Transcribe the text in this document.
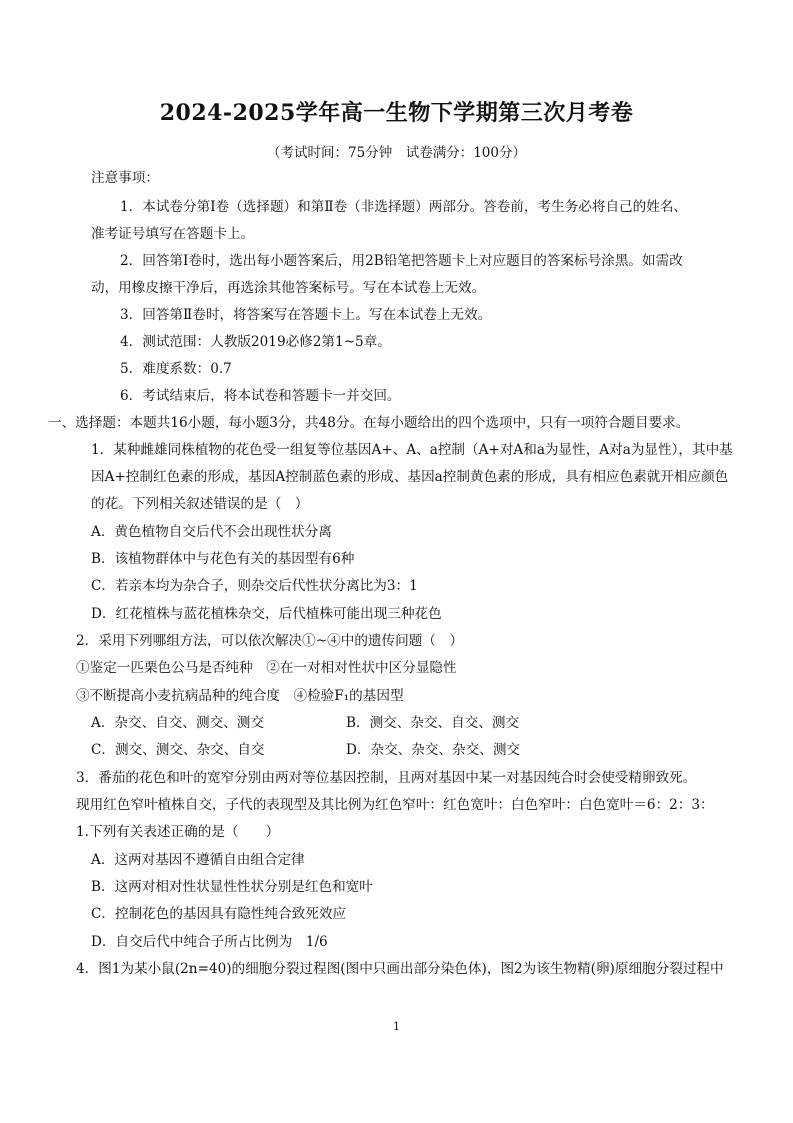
2024-2025学年高一生物下学期第三次月考卷
（考试时间：75分钟　试卷满分：100分）
注意事项：
1．本试卷分第Ⅰ卷（选择题）和第Ⅱ卷（非选择题）两部分。答卷前，考生务必将自己的姓名、
准考证号填写在答题卡上。
2．回答第Ⅰ卷时，选出每小题答案后，用2B铅笔把答题卡上对应题目的答案标号涂黑。如需改
动，用橡皮擦干净后，再选涂其他答案标号。写在本试卷上无效。
3．回答第Ⅱ卷时，将答案写在答题卡上。写在本试卷上无效。
4．测试范围：人教版2019必修2第1~5章。
5．难度系数：0.7
6．考试结束后，将本试卷和答题卡一并交回。
一、选择题：本题共16小题，每小题3分，共48分。在每小题给出的四个选项中，只有一项符合题目要求。
1．某种雌雄同株植物的花色受一组复等位基因A+、A、a控制（A+对A和a为显性，A对a为显性），其中基
因A+控制红色素的形成，基因A控制蓝色素的形成、基因a控制黄色素的形成，具有相应色素就开相应颜色
的花。下列相关叙述错误的是（　）
A．黄色植物自交后代不会出现性状分离
B．该植物群体中与花色有关的基因型有6种
C．若亲本均为杂合子，则杂交后代性状分离比为3：1
D．红花植株与蓝花植株杂交，后代植株可能出现三种花色
2．采用下列哪组方法，可以依次解决①~④中的遗传问题（　）
①鉴定一匹栗色公马是否纯种　②在一对相对性状中区分显隐性
③不断提高小麦抗病品种的纯合度　④检验F₁的基因型
A．杂交、自交、测交、测交	B．测交、杂交、自交、测交
C．测交、测交、杂交、自交	D．杂交、杂交、杂交、测交
3．番茄的花色和叶的宽窄分别由两对等位基因控制，且两对基因中某一对基因纯合时会使受精卵致死。
现用红色窄叶植株自交，子代的表现型及其比例为红色窄叶：红色宽叶：白色窄叶：白色宽叶＝6：2：3：
1.下列有关表述正确的是（　　）
A．这两对基因不遵循自由组合定律
B．这两对相对性状显性性状分别是红色和宽叶
C．控制花色的基因具有隐性纯合致死效应
D．自交后代中纯合子所占比例为　1/6
4．图1为某小鼠(2n=40)的细胞分裂过程图(图中只画出部分染色体)，图2为该生物精(卵)原细胞分裂过程中
1
